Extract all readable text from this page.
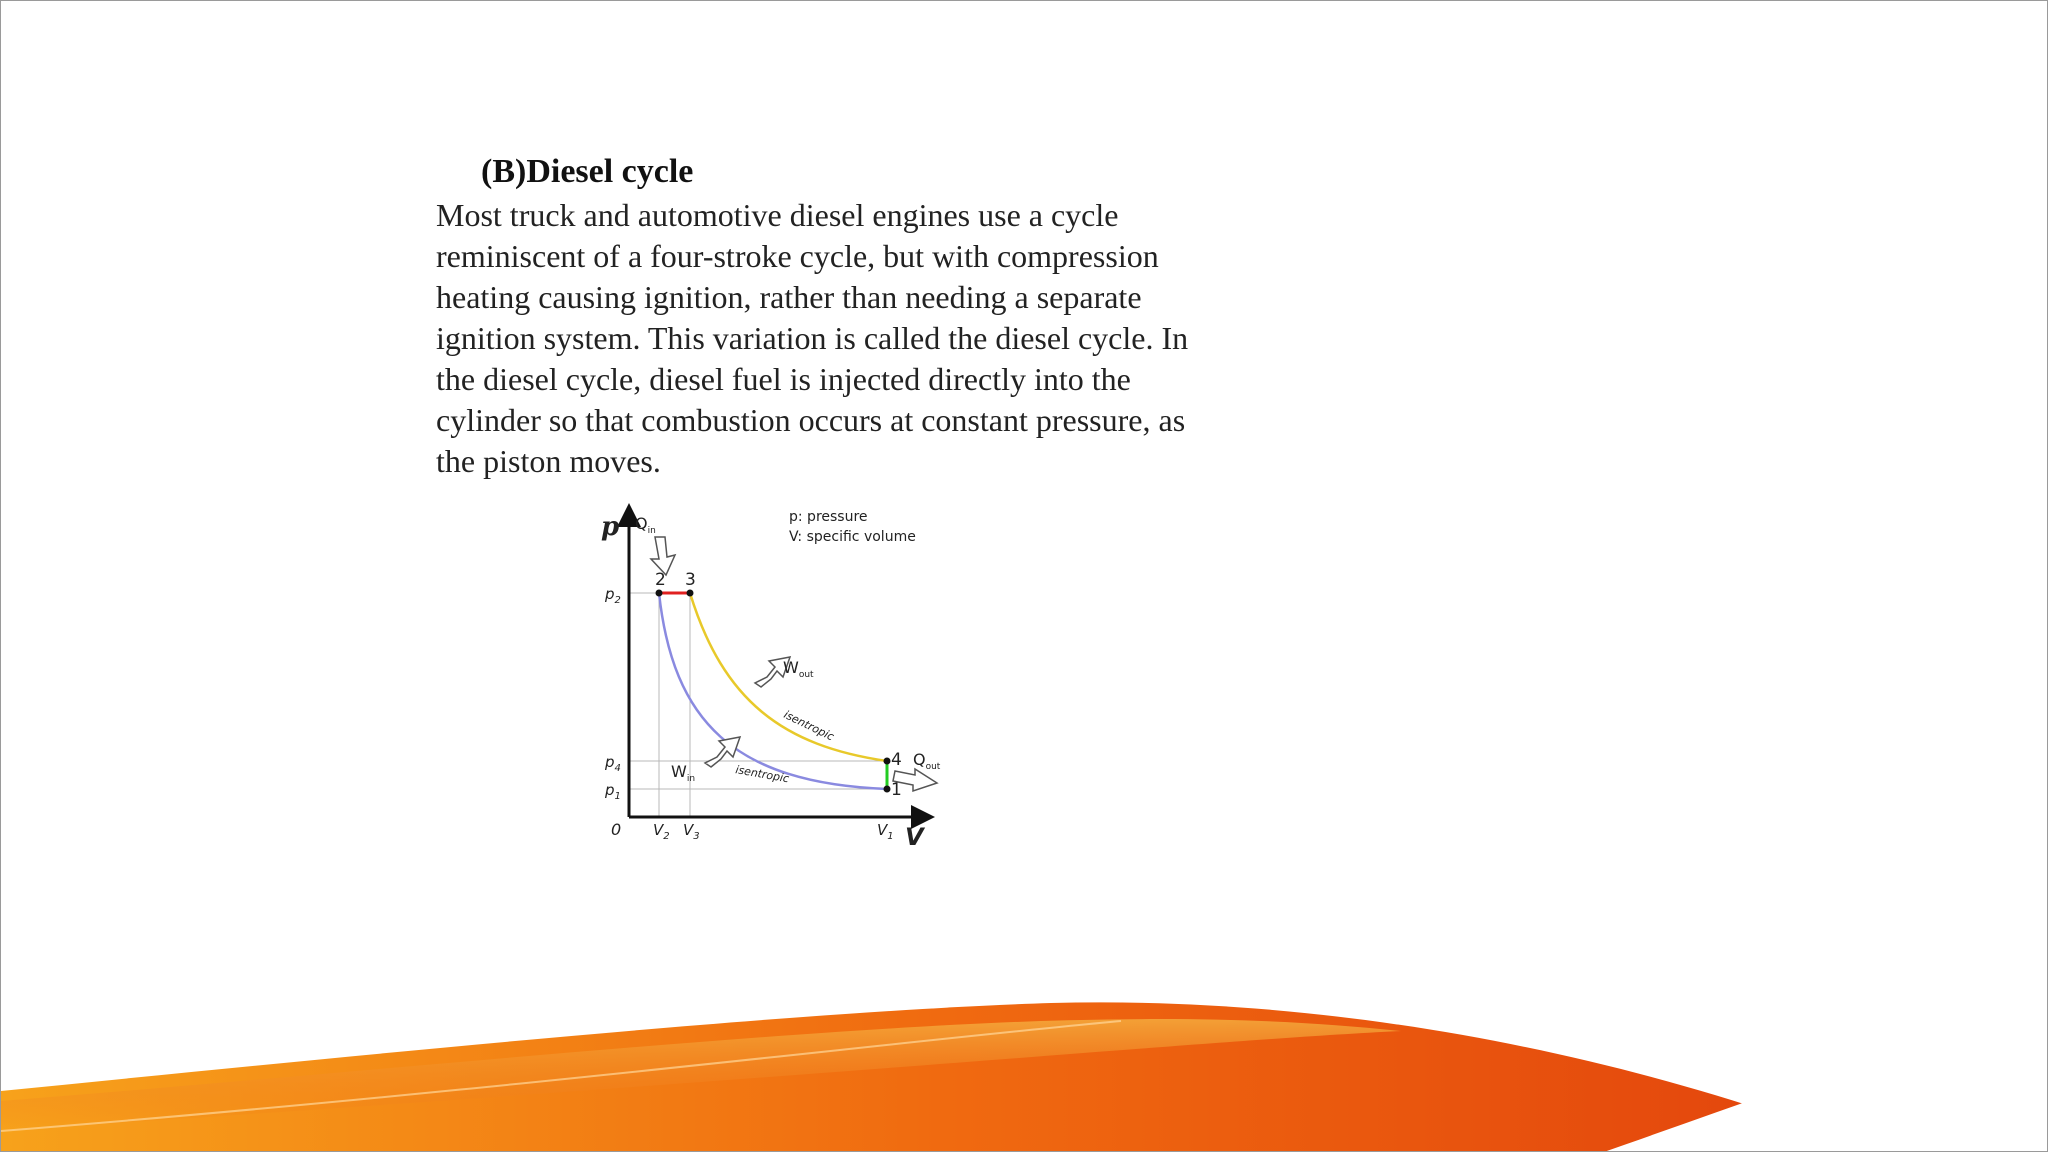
(B)Diesel cycle
Most truck and automotive diesel engines use a cycle
reminiscent of a four-stroke cycle, but with compression
heating causing ignition, rather than needing a separate
ignition system. This variation is called the diesel cycle. In
the diesel cycle, diesel fuel is injected directly into the
cylinder so that combustion occurs at constant pressure, as
the piston moves.
p
V
0
p: pressure
V: specific volume
2 3
4
1
$p_2$
$p_4$
$p_1$
$V_2$ $V_3$	$V_1$
$Q_{in}$
$Q_{out}$
$W_{out}$
$W_{in}$
isentropic
isentropic
